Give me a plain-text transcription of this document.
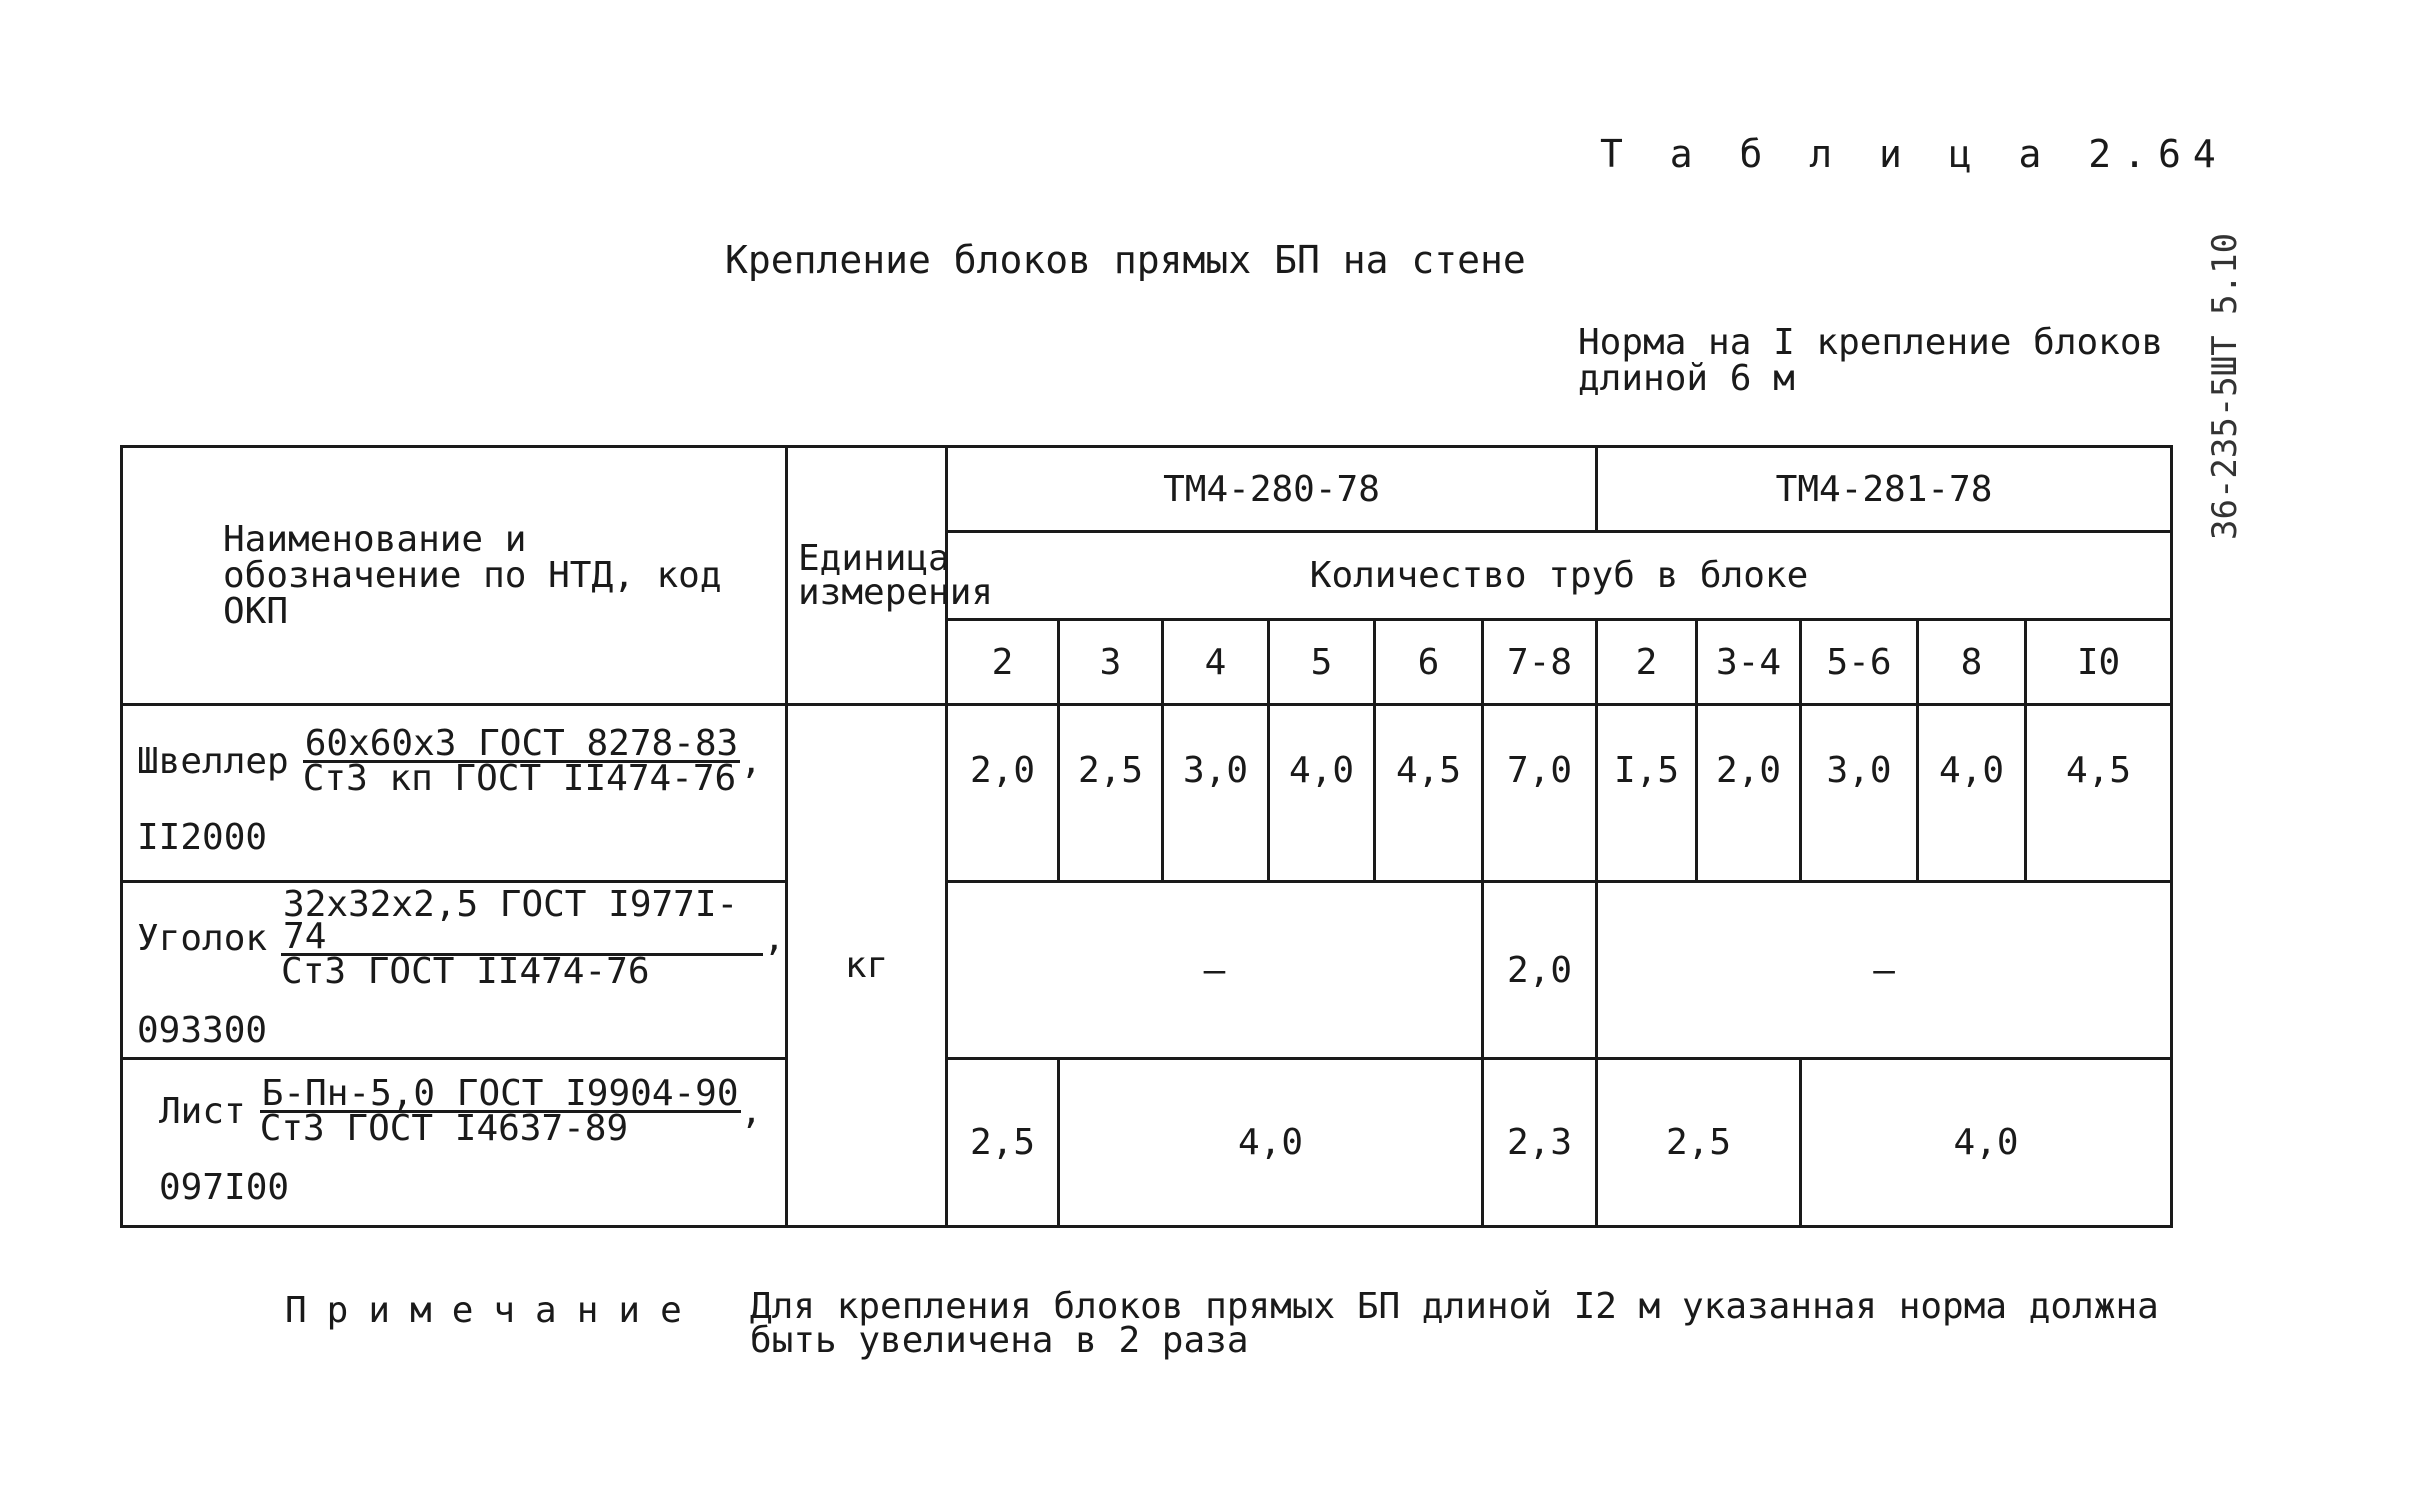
Т а б л и ц а 2.64
Крепление блоков прямых БП на стене
Норма на I крепление блоков
длиной 6 м	36-235-5ШТ 5.10
Наименование и обозначение по НТД, код ОКП	Единица измерения	ТМ4-280-78						ТМ4-281-78				
		Количество труб в блоке										
		2	3	4	5	6	7-8	2	3-4	5-6	8	I0

Швеллер $\frac{\text{60х60х3 ГОСТ 8278-83}}{\text{Ст3 кп ГОСТ II474-76}}$ ,
II2000	кг	2,0	2,5	3,0	4,0	4,5	7,0	I,5	2,0	3,0	4,0	4,5

Уголок $\frac{\text{32х32х2,5 ГОСТ I977I-74}}{\text{Ст3 ГОСТ II474-76}}$ ,
093300		–					2,0	–				

Лист $\frac{\text{Б-Пн-5,0 ГОСТ I9904-90}}{\text{Ст3 ГОСТ I4637-89}}$ ,
097I00		2,5	4,0				2,3	2,5		4,0		
Примечание Для крепления блоков прямых БП длиной I2 м указанная норма должна
быть увеличена в 2 раза
